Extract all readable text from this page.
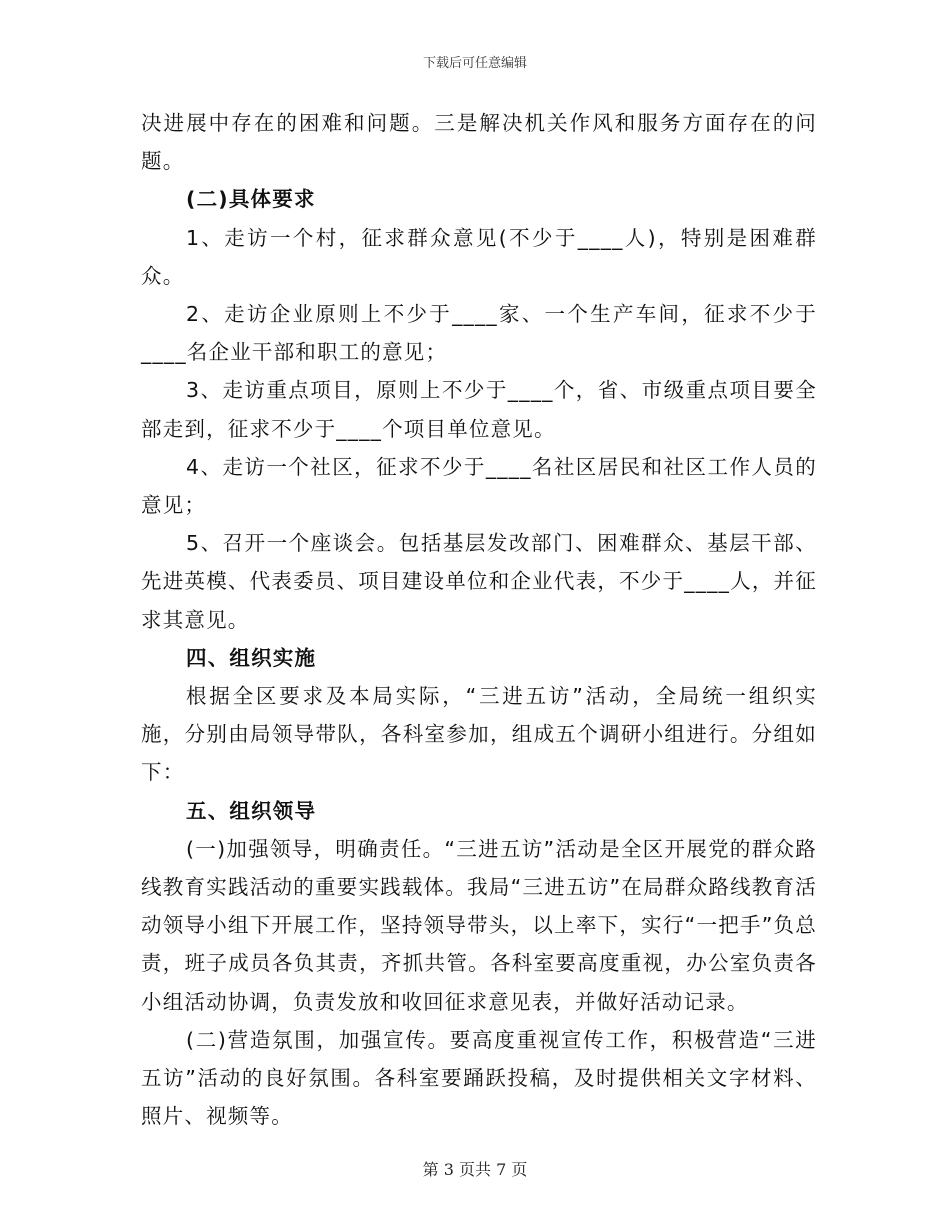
下载后可任意编辑

决进展中存在的困难和问题。三是解决机关作风和服务方面存在的问题。

(二)具体要求

1、走访一个村，征求群众意见(不少于____人)，特别是困难群众。

2、走访企业原则上不少于____家、一个生产车间，征求不少于____名企业干部和职工的意见；

3、走访重点项目，原则上不少于____个，省、市级重点项目要全部走到，征求不少于____个项目单位意见。

4、走访一个社区，征求不少于____名社区居民和社区工作人员的意见；

5、召开一个座谈会。包括基层发改部门、困难群众、基层干部、先进英模、代表委员、项目建设单位和企业代表，不少于____人，并征求其意见。

四、组织实施

根据全区要求及本局实际，“三进五访”活动，全局统一组织实施，分别由局领导带队，各科室参加，组成五个调研小组进行。分组如下：

五、组织领导

(一)加强领导，明确责任。“三进五访”活动是全区开展党的群众路线教育实践活动的重要实践载体。我局“三进五访”在局群众路线教育活动领导小组下开展工作，坚持领导带头，以上率下，实行“一把手”负总责，班子成员各负其责，齐抓共管。各科室要高度重视，办公室负责各小组活动协调，负责发放和收回征求意见表，并做好活动记录。

(二)营造氛围，加强宣传。要高度重视宣传工作，积极营造“三进五访”活动的良好氛围。各科室要踊跃投稿，及时提供相关文字材料、照片、视频等。

第 3 页共 7 页
